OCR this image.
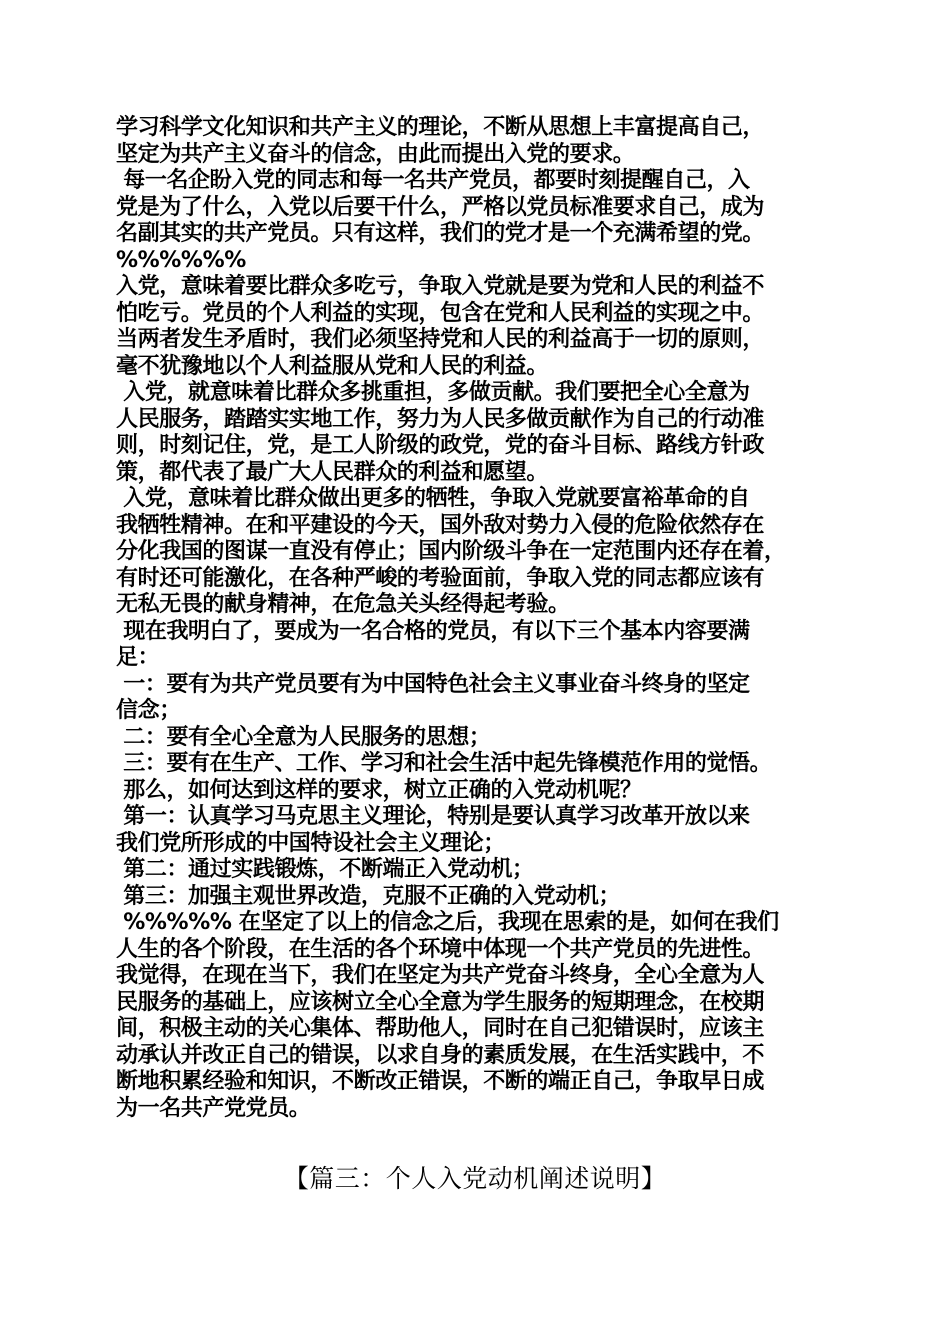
学习科学文化知识和共产主义的理论，不断从思想上丰富提高自己，
坚定为共产主义奋斗的信念，由此而提出入党的要求。
每一名企盼入党的同志和每一名共产党员，都要时刻提醒自己，入
党是为了什么，入党以后要干什么，严格以党员标准要求自己，成为
名副其实的共产党员。只有这样，我们的党才是一个充满希望的党。
%%%%%%
入党，意味着要比群众多吃亏，争取入党就是要为党和人民的利益不
怕吃亏。党员的个人利益的实现，包含在党和人民利益的实现之中。
当两者发生矛盾时，我们必须坚持党和人民的利益高于一切的原则，
毫不犹豫地以个人利益服从党和人民的利益。
入党，就意味着比群众多挑重担，多做贡献。我们要把全心全意为
人民服务，踏踏实实地工作，努力为人民多做贡献作为自己的行动准
则，时刻记住，党，是工人阶级的政党，党的奋斗目标、路线方针政
策，都代表了最广大人民群众的利益和愿望。
入党，意味着比群众做出更多的牺牲，争取入党就要富裕革命的自
我牺牲精神。在和平建设的今天，国外敌对势力入侵的危险依然存在
分化我国的图谋一直没有停止；国内阶级斗争在一定范围内还存在着，
有时还可能激化，在各种严峻的考验面前，争取入党的同志都应该有
无私无畏的献身精神，在危急关头经得起考验。
现在我明白了，要成为一名合格的党员，有以下三个基本内容要满
足：
一：要有为共产党员要有为中国特色社会主义事业奋斗终身的坚定
信念；
二：要有全心全意为人民服务的思想；
三：要有在生产、工作、学习和社会生活中起先锋模范作用的觉悟。
那么，如何达到这样的要求，树立正确的入党动机呢？
第一：认真学习马克思主义理论，特别是要认真学习改革开放以来
我们党所形成的中国特设社会主义理论；
第二：通过实践锻炼，不断端正入党动机；
第三：加强主观世界改造，克服不正确的入党动机；
%%%%% 在坚定了以上的信念之后，我现在思索的是，如何在我们
人生的各个阶段，在生活的各个环境中体现一个共产党员的先进性。
我觉得，在现在当下，我们在坚定为共产党奋斗终身，全心全意为人
民服务的基础上，应该树立全心全意为学生服务的短期理念，在校期
间，积极主动的关心集体、帮助他人，同时在自己犯错误时，应该主
动承认并改正自己的错误，以求自身的素质发展，在生活实践中，不
断地积累经验和知识，不断改正错误，不断的端正自己，争取早日成
为一名共产党党员。
【篇三：个人入党动机阐述说明】
